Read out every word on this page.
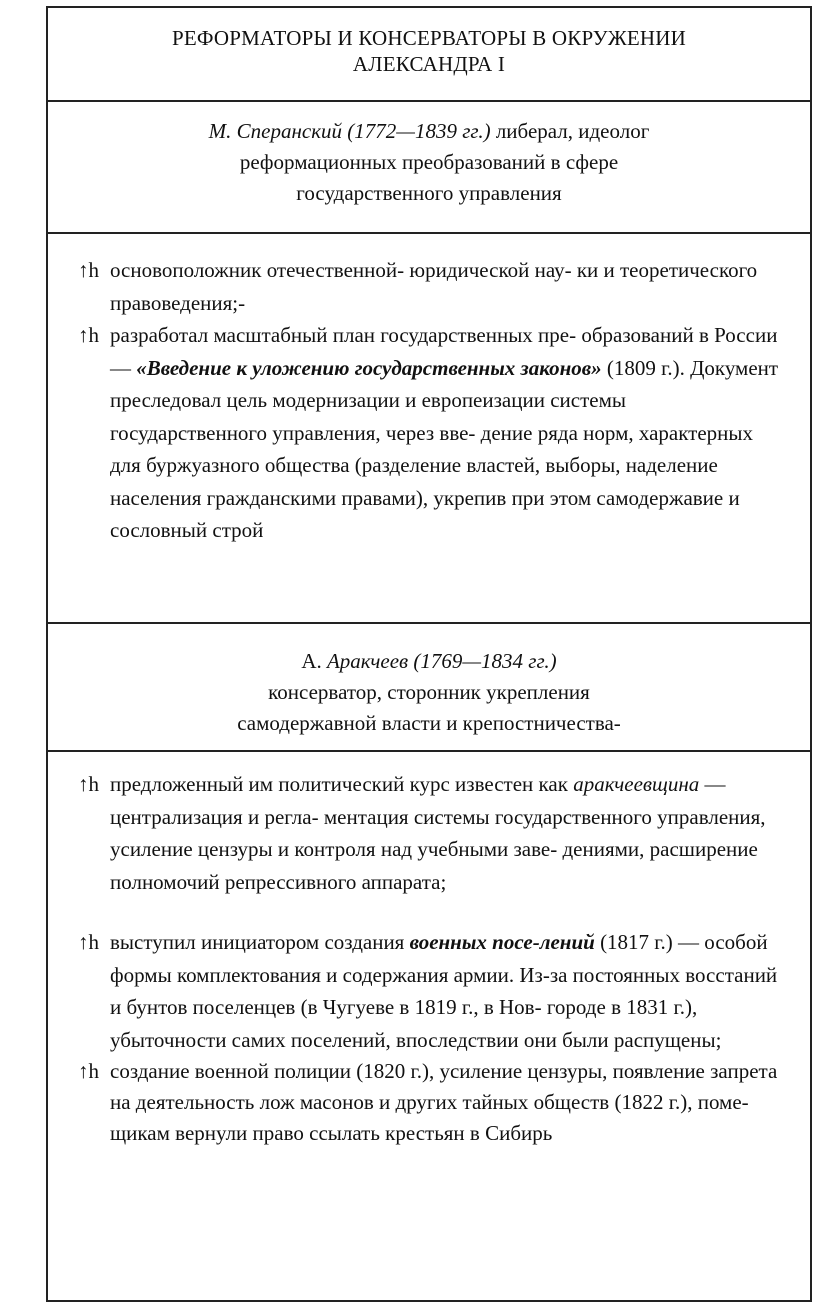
РЕФОРМАТОРЫ И КОНСЕРВАТОРЫ В ОКРУЖЕНИИ
АЛЕКСАНДРА I
М. Сперанский (1772—1839 гг.) либерал, идеолог
реформационных преобразований в сфере
государственного управления
↑h основоположник отечественной- юридической нау- ки и теоретического правоведения;-
↑h разработал масштабный план государственных пре- образований в России — «Введение к уложению государственных законов» (1809 г.). Документ преследовал цель модернизации и европеизации системы государственного управления, через вве- дение ряда норм, характерных для буржуазного общества (разделение властей, выборы, наделение населения гражданскими правами), укрепив при этом самодержавие и сословный строй
А. Аракчеев (1769—1834 гг.)
консерватор, сторонник укрепления
самодержавной власти и крепостничества-
↑h предложенный им политический курс известен как аракчеевщина — централизация и регла- ментация системы государственного управления, усиление цензуры и контроля над учебными заве- дениями, расширение полномочий репрессивного аппарата;
↑h выступил инициатором создания военных посе-лений (1817 г.) — особой формы комплектования и содержания армии. Из-за постоянных восстаний и бунтов поселенцев (в Чугуеве в 1819 г., в Нов- городе в 1831 г.), убыточности самих поселений, впоследствии они были распущены;
↑h создание военной полиции (1820 г.), усиление цензуры, появление запрета на деятельность лож масонов и других тайных обществ (1822 г.), поме- щикам вернули право ссылать крестьян в Сибирь
